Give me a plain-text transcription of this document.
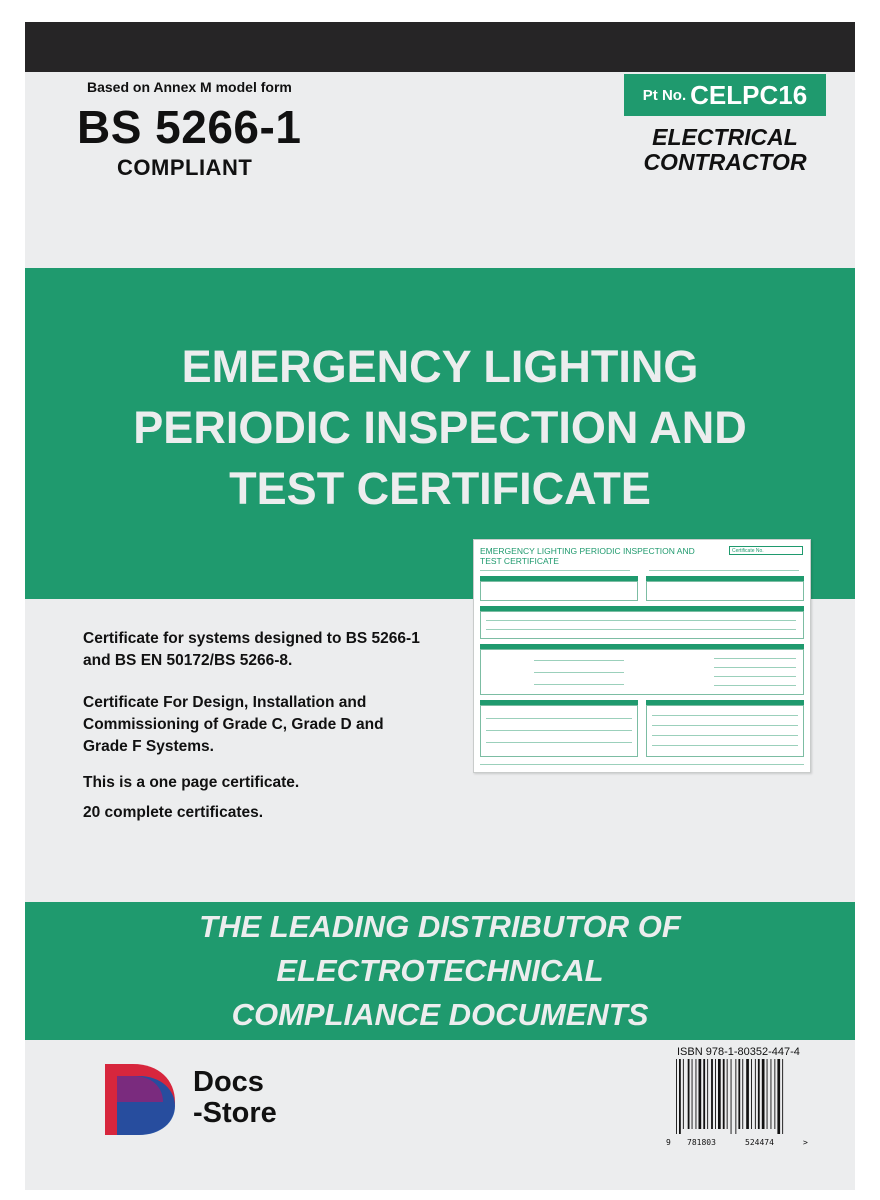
Based on Annex M model form
BS 5266-1
COMPLIANT
Pt No. CELPC16
ELECTRICAL
CONTRACTOR
EMERGENCY LIGHTING
PERIODIC INSPECTION AND
TEST CERTIFICATE
Certificate for systems designed to BS 5266-1
and BS EN 50172/BS 5266-8.
Certificate For Design, Installation and
Commissioning of Grade C, Grade D and
Grade F Systems.
This is a one page certificate.
20 complete certificates.
EMERGENCY LIGHTING PERIODIC INSPECTION AND TEST CERTIFICATE
Certificate No.
THE LEADING DISTRIBUTOR OF
ELECTROTECHNICAL
COMPLIANCE DOCUMENTS
Docs
-Store
ISBN 978-1-80352-447-4
9 781803	524474	>
